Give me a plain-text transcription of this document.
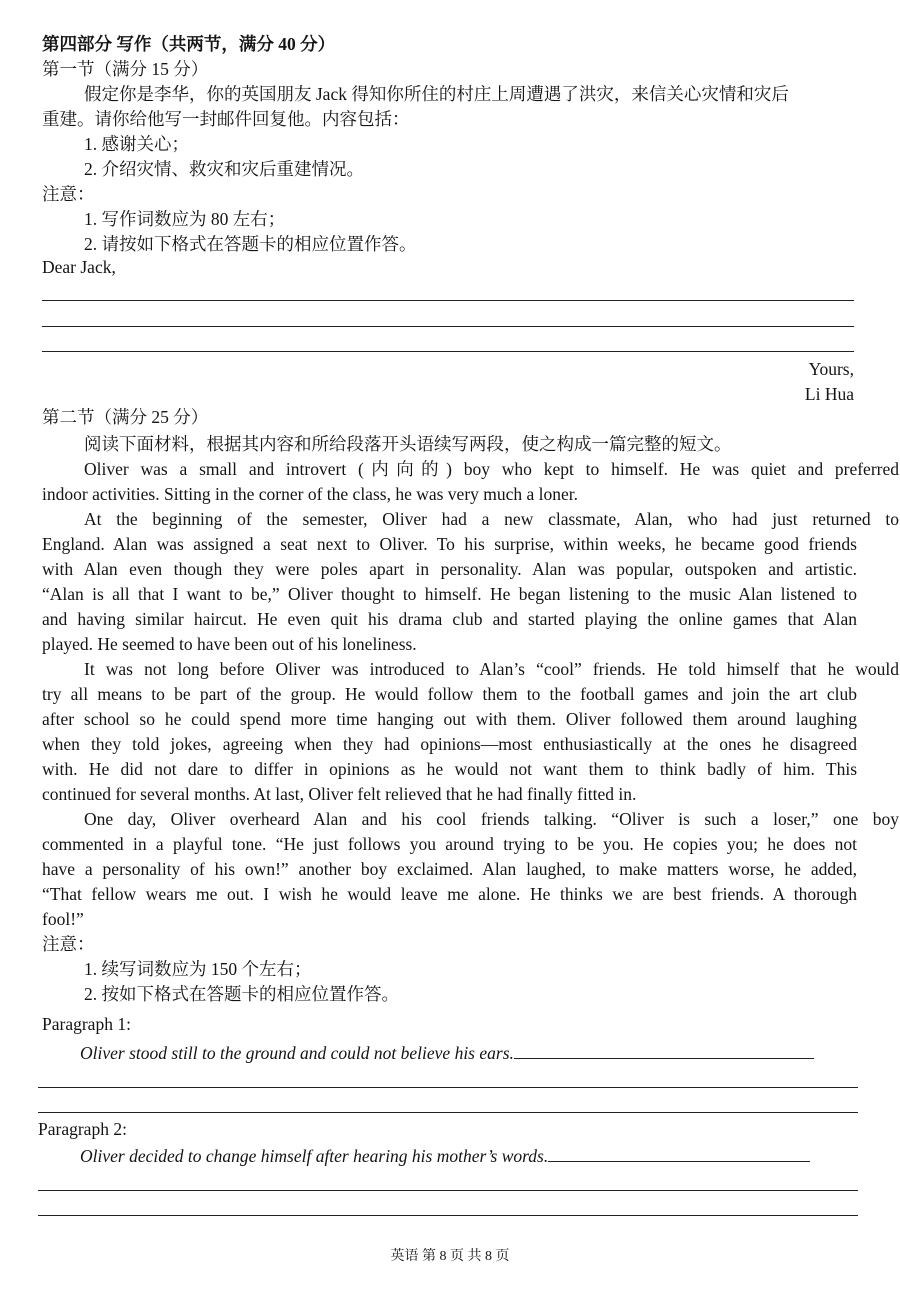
第四部分 写作（共两节，满分 40 分）
第一节（满分 15 分）
假定你是李华，你的英国朋友 Jack 得知你所住的村庄上周遭遇了洪灾，来信关心灾情和灾后
重建。请你给他写一封邮件回复他。内容包括：
1. 感谢关心；
2. 介绍灾情、救灾和灾后重建情况。
注意：
1. 写作词数应为 80 左右；
2. 请按如下格式在答题卡的相应位置作答。
Dear Jack,
Yours,
Li Hua
第二节（满分 25 分）
阅读下面材料，根据其内容和所给段落开头语续写两段，使之构成一篇完整的短文。
Oliver was a small and introvert (内向的) boy who kept to himself. He was quiet and preferred
indoor activities. Sitting in the corner of the class, he was very much a loner.
At the beginning of the semester, Oliver had a new classmate, Alan, who had just returned to
England. Alan was assigned a seat next to Oliver. To his surprise, within weeks, he became good friends
with Alan even though they were poles apart in personality. Alan was popular, outspoken and artistic.
“Alan is all that I want to be,” Oliver thought to himself. He began listening to the music Alan listened to
and having similar haircut. He even quit his drama club and started playing the online games that Alan
played. He seemed to have been out of his loneliness.
It was not long before Oliver was introduced to Alan’s “cool” friends. He told himself that he would
try all means to be part of the group. He would follow them to the football games and join the art club
after school so he could spend more time hanging out with them. Oliver followed them around laughing
when they told jokes, agreeing when they had opinions—most enthusiastically at the ones he disagreed
with. He did not dare to differ in opinions as he would not want them to think badly of him. This
continued for several months. At last, Oliver felt relieved that he had finally fitted in.
One day, Oliver overheard Alan and his cool friends talking. “Oliver is such a loser,” one boy
commented in a playful tone. “He just follows you around trying to be you. He copies you; he does not
have a personality of his own!” another boy exclaimed. Alan laughed, to make matters worse, he added,
“That fellow wears me out. I wish he would leave me alone. He thinks we are best friends. A thorough
fool!”
注意：
1. 续写词数应为 150 个左右；
2. 按如下格式在答题卡的相应位置作答。
Paragraph 1:
Oliver stood still to the ground and could not believe his ears.
Paragraph 2:
Oliver decided to change himself after hearing his mother’s words.
英语 第 8 页 共 8 页
